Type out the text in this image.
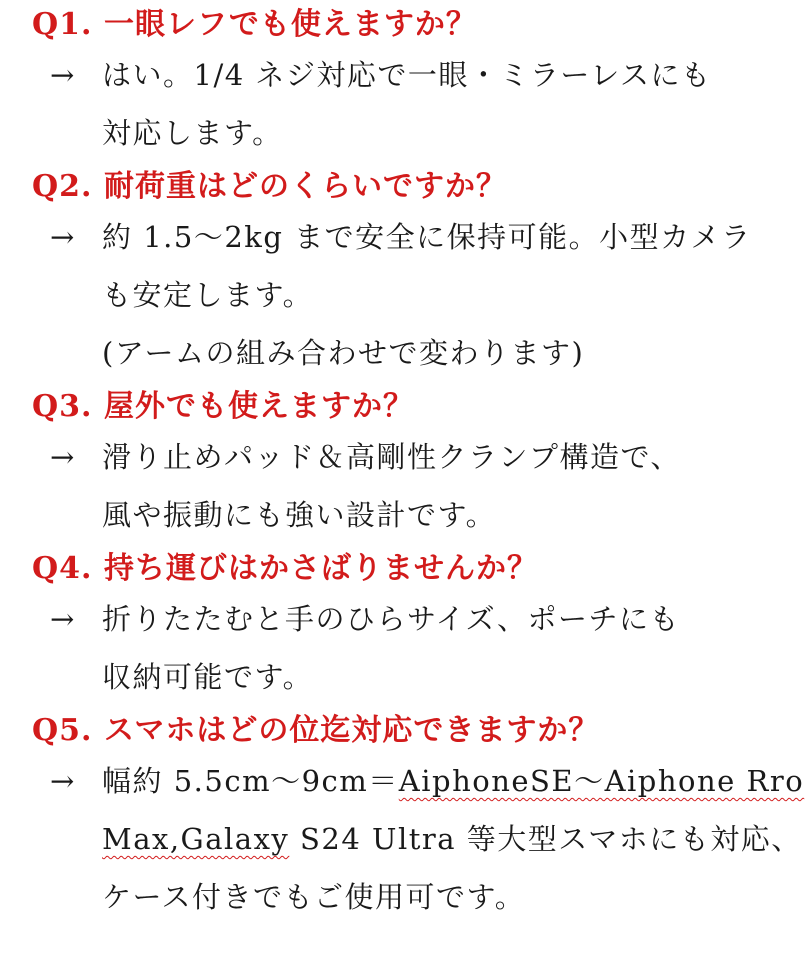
Q1. 一眼レフでも使えますか？
→ はい。1/4 ネジ対応で一眼・ミラーレスにも
対応します。
Q2. 耐荷重はどのくらいですか？
→ 約 1.5〜2kg まで安全に保持可能。小型カメラ
も安定します。
(アームの組み合わせで変わります)
Q3. 屋外でも使えますか？
→ 滑り止めパッド＆高剛性クランプ構造で、
風や振動にも強い設計です。
Q4. 持ち運びはかさばりませんか？
→ 折りたたむと手のひらサイズ、ポーチにも
収納可能です。
Q5. スマホはどの位迄対応できますか？
→ 幅約 5.5cm〜9cm＝AiphoneSE〜Aiphone Rro
Max,Galaxy S24 Ultra 等大型スマホにも対応、
ケース付きでもご使用可です。
